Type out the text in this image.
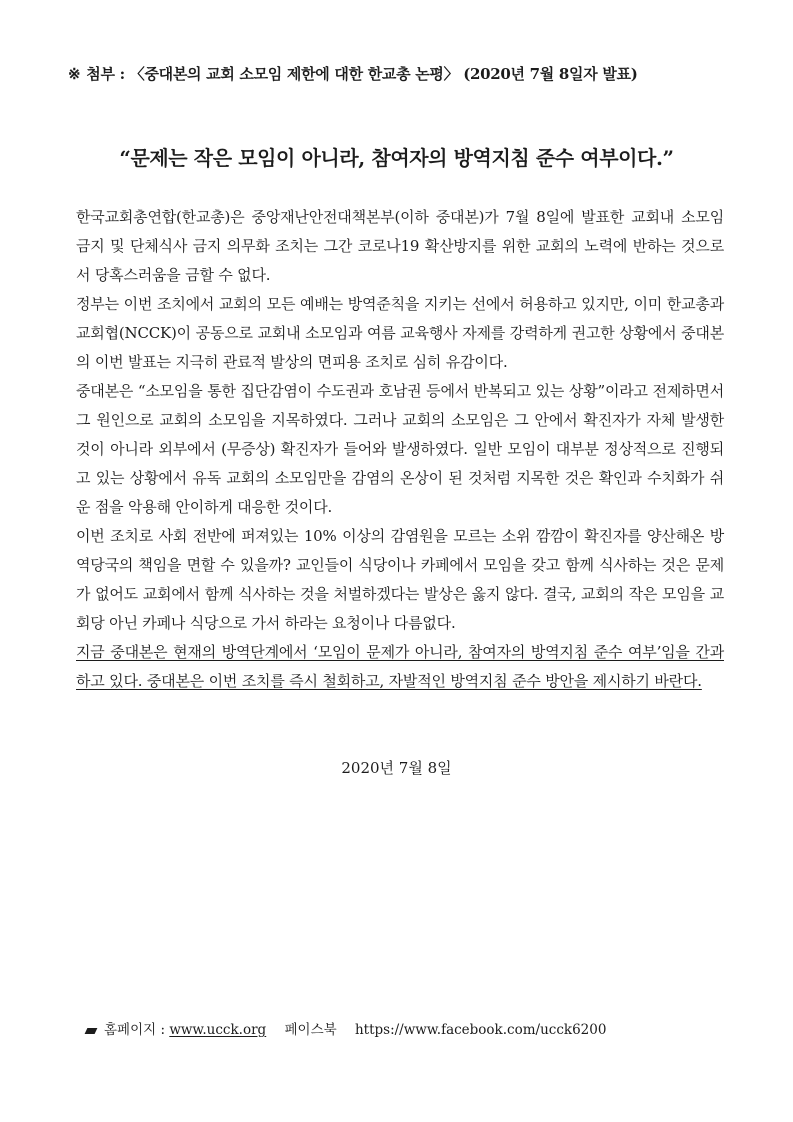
※ 첨부 : 〈중대본의 교회 소모임 제한에 대한 한교총 논평〉 (2020년 7월 8일자 발표)
“문제는 작은 모임이 아니라, 참여자의 방역지침 준수 여부이다.”

한국교회총연합(한교총)은 중앙재난안전대책본부(이하 중대본)가 7월 8일에 발표한 교회내 소모임 금지 및 단체식사 금지 의무화 조치는 그간 코로나19 확산방지를 위한 교회의 노력에 반하는 것으로서 당혹스러움을 금할 수 없다.

정부는 이번 조치에서 교회의 모든 예배는 방역준칙을 지키는 선에서 허용하고 있지만, 이미 한교총과 교회협(NCCK)이 공동으로 교회내 소모임과 여름 교육행사 자제를 강력하게 권고한 상황에서 중대본의 이번 발표는 지극히 관료적 발상의 면피용 조치로 심히 유감이다.

중대본은 “소모임을 통한 집단감염이 수도권과 호남권 등에서 반복되고 있는 상황”이라고 전제하면서 그 원인으로 교회의 소모임을 지목하였다. 그러나 교회의 소모임은 그 안에서 확진자가 자체 발생한 것이 아니라 외부에서 (무증상) 확진자가 들어와 발생하였다. 일반 모임이 대부분 정상적으로 진행되고 있는 상황에서 유독 교회의 소모임만을 감염의 온상이 된 것처럼 지목한 것은 확인과 수치화가 쉬운 점을 악용해 안이하게 대응한 것이다.

이번 조치로 사회 전반에 퍼져있는 10% 이상의 감염원을 모르는 소위 깜깜이 확진자를 양산해온 방역당국의 책임을 면할 수 있을까? 교인들이 식당이나 카페에서 모임을 갖고 함께 식사하는 것은 문제가 없어도 교회에서 함께 식사하는 것을 처벌하겠다는 발상은 옳지 않다. 결국, 교회의 작은 모임을 교회당 아닌 카페나 식당으로 가서 하라는 요청이나 다름없다.

지금 중대본은 현재의 방역단계에서 ‘모임이 문제가 아니라, 참여자의 방역지침 준수 여부’임을 간과하고 있다. 중대본은 이번 조치를 즉시 철회하고, 자발적인 방역지침 준수 방안을 제시하기 바란다.

2020년 7월 8일
홈페이지 : www.ucck.org 페이스북 https://www.facebook.com/ucck6200
